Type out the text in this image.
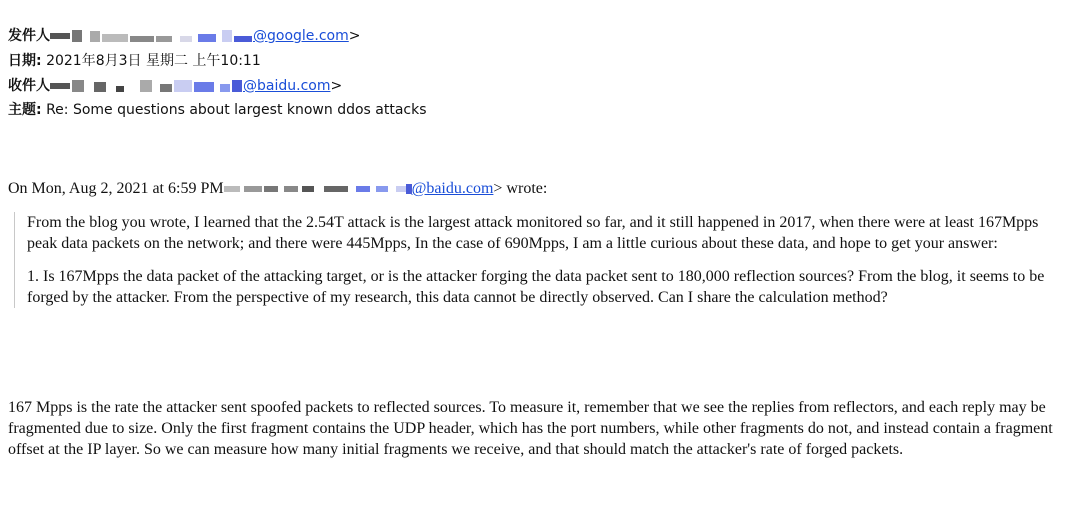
发件人	@google.com>
日期: 2021年8月3日 星期二 上午10:11
收件人	@baidu.com>
主题: Re: Some questions about largest known ddos attacks
On Mon, Aug 2, 2021 at 6:59 PM	@baidu.com> wrote:

From the blog you wrote, I learned that the 2.54T attack is the largest attack monitored so far, and it still happened in 2017, when there were at least 167Mpps peak data packets on the network; and there were 445Mpps, In the case of 690Mpps, I am a little curious about these data, and hope to get your answer:

1. Is 167Mpps the data packet of the attacking target, or is the attacker forging the data packet sent to 180,000 reflection sources? From the blog, it seems to be forged by the attacker. From the perspective of my research, this data cannot be directly observed. Can I share the calculation method?

167 Mpps is the rate the attacker sent spoofed packets to reflected sources. To measure it, remember that we see the replies from reflectors, and each reply may be fragmented due to size. Only the first fragment contains the UDP header, which has the port numbers, while other fragments do not, and instead contain a fragment offset at the IP layer. So we can measure how many initial fragments we receive, and that should match the attacker's rate of forged packets.
